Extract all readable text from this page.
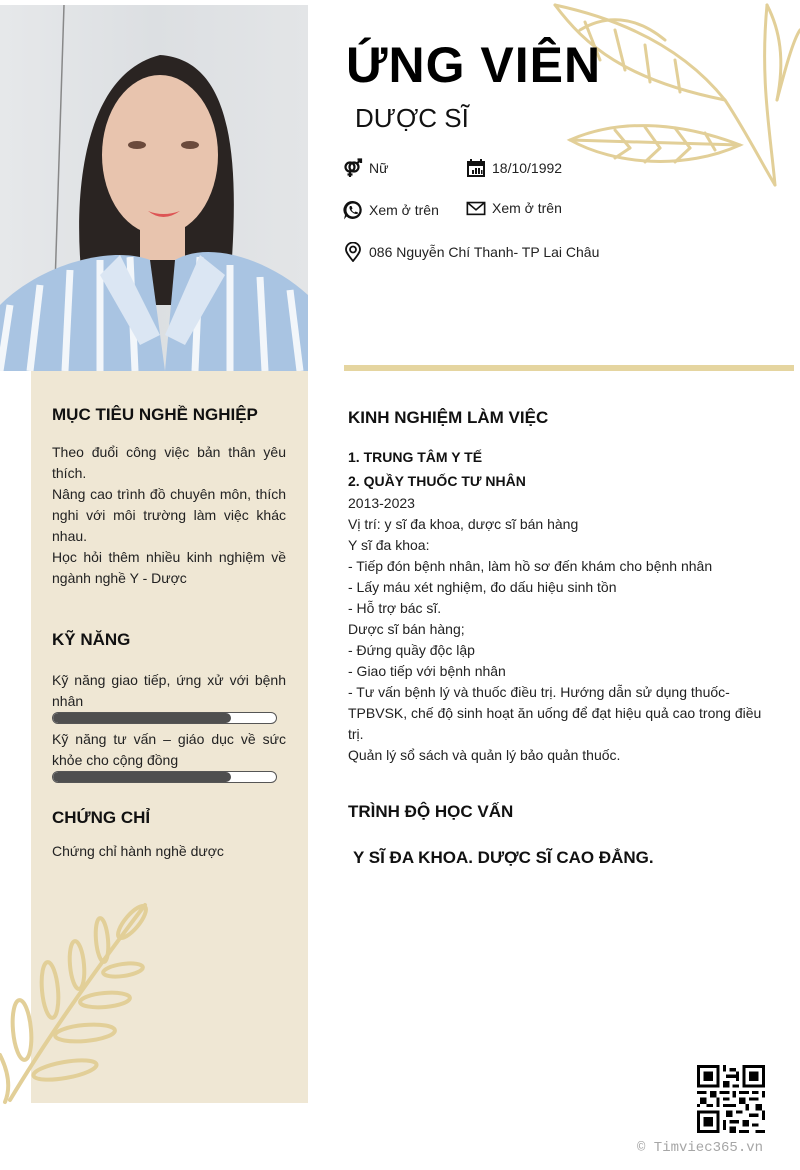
ỨNG VIÊN
DƯỢC SĨ
Nữ	18/10/1992
Xem ở trên	Xem ở trên
086 Nguyễn Chí Thanh- TP Lai Châu
MỤC TIÊU NGHỀ NGHIỆP
Theo đuổi công việc bản thân yêu thích.
Nâng cao trình đồ chuyên môn, thích nghi với môi trường làm việc khác nhau.
Học hỏi thêm nhiều kinh nghiệm về ngành nghề Y - Dược
KỸ NĂNG
Kỹ năng giao tiếp, ứng xử với bệnh nhân
Kỹ năng tư vấn – giáo dục về sức khỏe cho cộng đồng
CHỨNG CHỈ
Chứng chỉ hành nghề dược
KINH NGHIỆM LÀM VIỆC
1. TRUNG TÂM Y TẾ
2. QUẦY THUỐC TƯ NHÂN
2013-2023
Vị trí: y sĩ đa khoa, dược sĩ bán hàng
Y sĩ đa khoa:
- Tiếp đón bệnh nhân, làm hồ sơ đến khám cho bệnh nhân
- Lấy máu xét nghiệm, đo dấu hiệu sinh tồn
- Hỗ trợ bác sĩ.
Dược sĩ bán hàng;
- Đứng quầy độc lập
- Giao tiếp với bệnh nhân
- Tư vấn bệnh lý và thuốc điều trị. Hướng dẫn sử dụng thuốc-TPBVSK, chế độ sinh hoạt ăn uống để đạt hiệu quả cao trong điều trị.
Quản lý sổ sách và quản lý bảo quản thuốc.
TRÌNH ĐỘ HỌC VẤN
Y SĨ ĐA KHOA. DƯỢC SĨ CAO ĐẲNG.
© Timviec365.vn
